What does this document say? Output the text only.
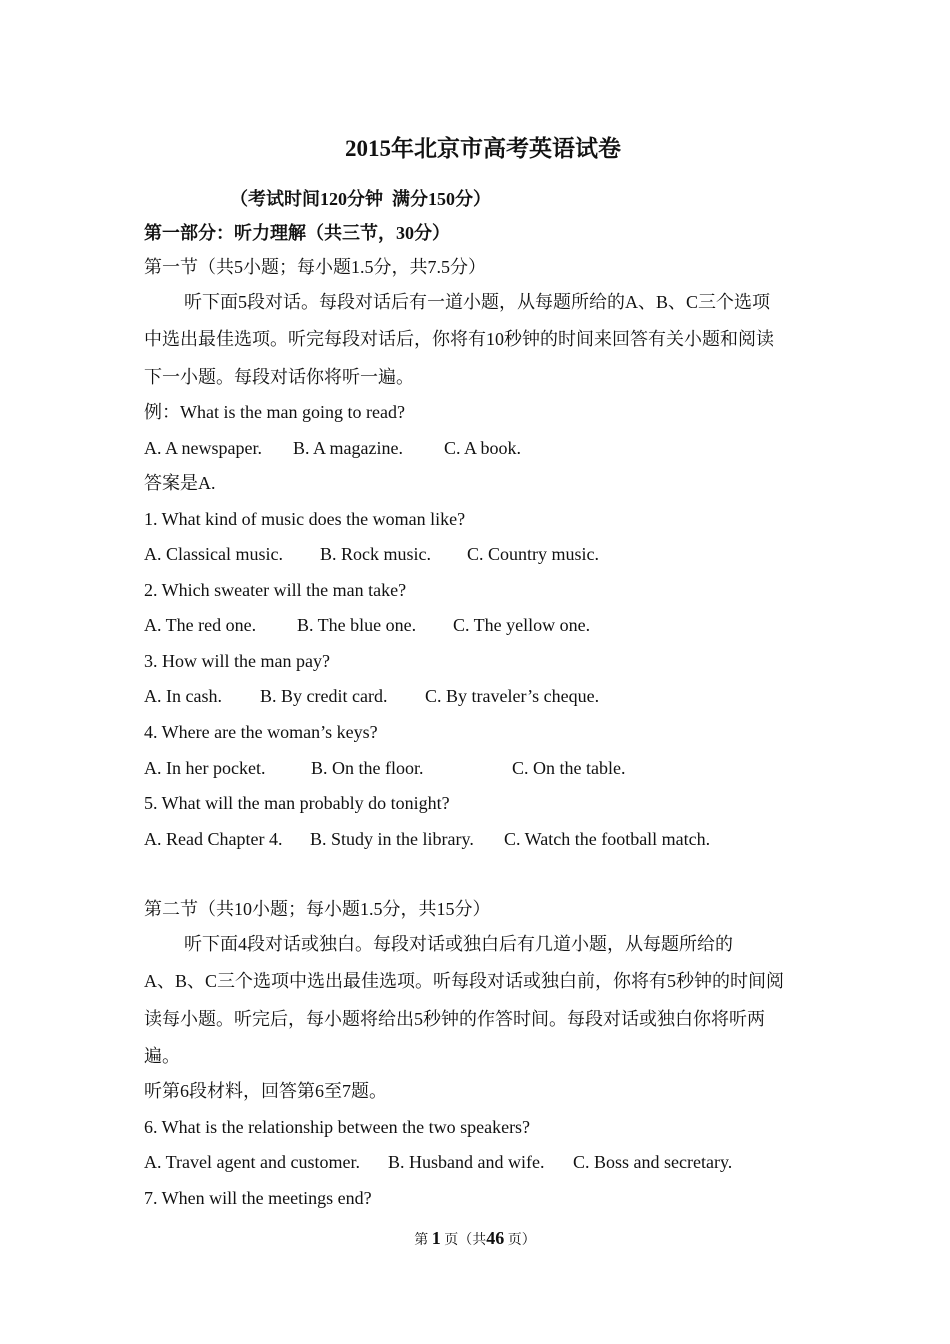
2015年北京市高考英语试卷
（考试时间120分钟  满分150分）
第一部分：听力理解（共三节，30分）
第一节（共5小题；每小题1.5分，共7.5分）
听下面5段对话。每段对话后有一道小题，从每题所给的A、B、C三个选项
中选出最佳选项。听完每段对话后，你将有10秒钟的时间来回答有关小题和阅读
下一小题。每段对话你将听一遍。
例：What is the man going to read?
A. A newspaper. B. A magazine. C. A book.
答案是A.
1. What kind of music does the woman like?
A. Classical music. B. Rock music. C. Country music.
2. Which sweater will the man take?
A. The red one. B. The blue one. C. The yellow one.
3. How will the man pay?
A. In cash. B. By credit card. C. By traveler’s cheque.
4. Where are the woman’s keys?
A. In her pocket.	B. On the floor.	C. On the table.
5. What will the man probably do tonight?
A. Read Chapter 4. B. Study in the library. C. Watch the football match.
第二节（共10小题；每小题1.5分，共15分）
听下面4段对话或独白。每段对话或独白后有几道小题，从每题所给的
A、B、C三个选项中选出最佳选项。听每段对话或独白前，你将有5秒钟的时间阅
读每小题。听完后，每小题将给出5秒钟的作答时间。每段对话或独白你将听两
遍。
听第6段材料，回答第6至7题。
6. What is the relationship between the two speakers?
A. Travel agent and customer. B. Husband and wife. C. Boss and secretary.
7. When will the meetings end?
第 1 页（共46 页）
